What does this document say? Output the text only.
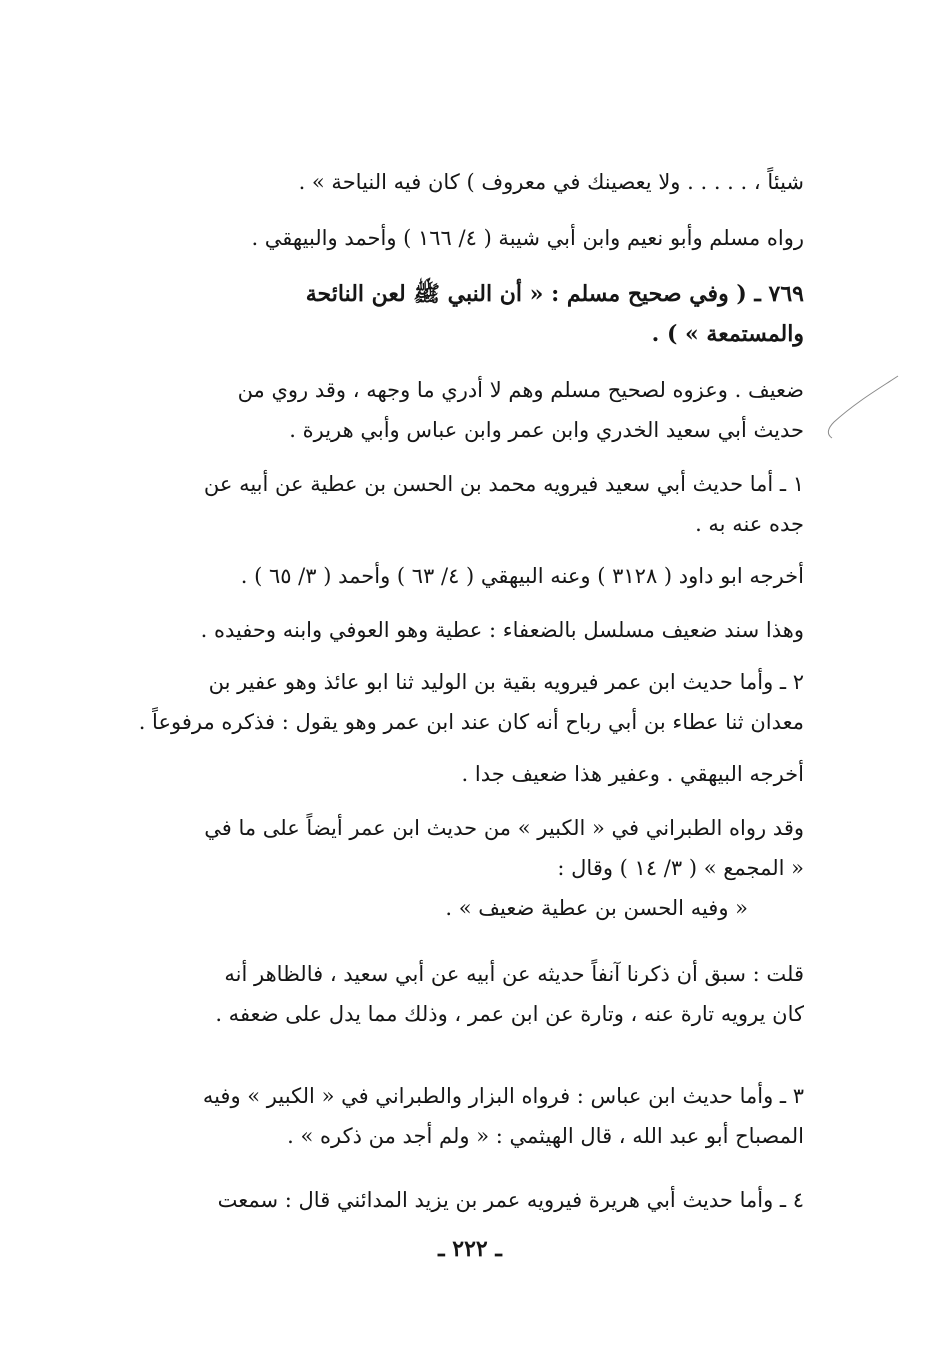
شيئاً ، . . . . . ولا يعصينك في معروف ) كان فيه النياحة » .
رواه مسلم وأبو نعيم وابن أبي شيبة ( ٤/ ١٦٦ ) وأحمد والبيهقي .
٧٦٩ ـ ( وفي صحيح مسلم : « أن النبي ﷺ لعن النائحة
والمستمعة » ) .
ضعيف . وعزوه لصحيح مسلم وهم لا أدري ما وجهه ، وقد روي من
حديث أبي سعيد الخدري وابن عمر وابن عباس وأبي هريرة .
١ ـ أما حديث أبي سعيد فيرويه محمد بن الحسن بن عطية عن أبيه عن
جده عنه به .
أخرجه ابو داود ( ٣١٢٨ ) وعنه البيهقي ( ٤/ ٦٣ ) وأحمد ( ٣/ ٦٥ ) .
وهذا سند ضعيف مسلسل بالضعفاء : عطية وهو العوفي وابنه وحفيده .
٢ ـ وأما حديث ابن عمر فيرويه بقية بن الوليد ثنا ابو عائذ وهو عفير بن
معدان ثنا عطاء بن أبي رباح أنه كان عند ابن عمر وهو يقول : فذكره مرفوعاً .
أخرجه البيهقي . وعفير هذا ضعيف جدا .
وقد رواه الطبراني في « الكبير » من حديث ابن عمر أيضاً على ما في
« المجمع » ( ٣/ ١٤ ) وقال :
« وفيه الحسن بن عطية ضعيف » .
قلت : سبق أن ذكرنا آنفاً حديثه عن أبيه عن أبي سعيد ، فالظاهر أنه
كان يرويه تارة عنه ، وتارة عن ابن عمر ، وذلك مما يدل على ضعفه .
٣ ـ وأما حديث ابن عباس : فرواه البزار والطبراني في « الكبير » وفيه
المصباح أبو عبد الله ، قال الهيثمي : « ولم أجد من ذكره » .
٤ ـ وأما حديث أبي هريرة فيرويه عمر بن يزيد المدائني قال : سمعت
ـ ٢٢٢ ـ
